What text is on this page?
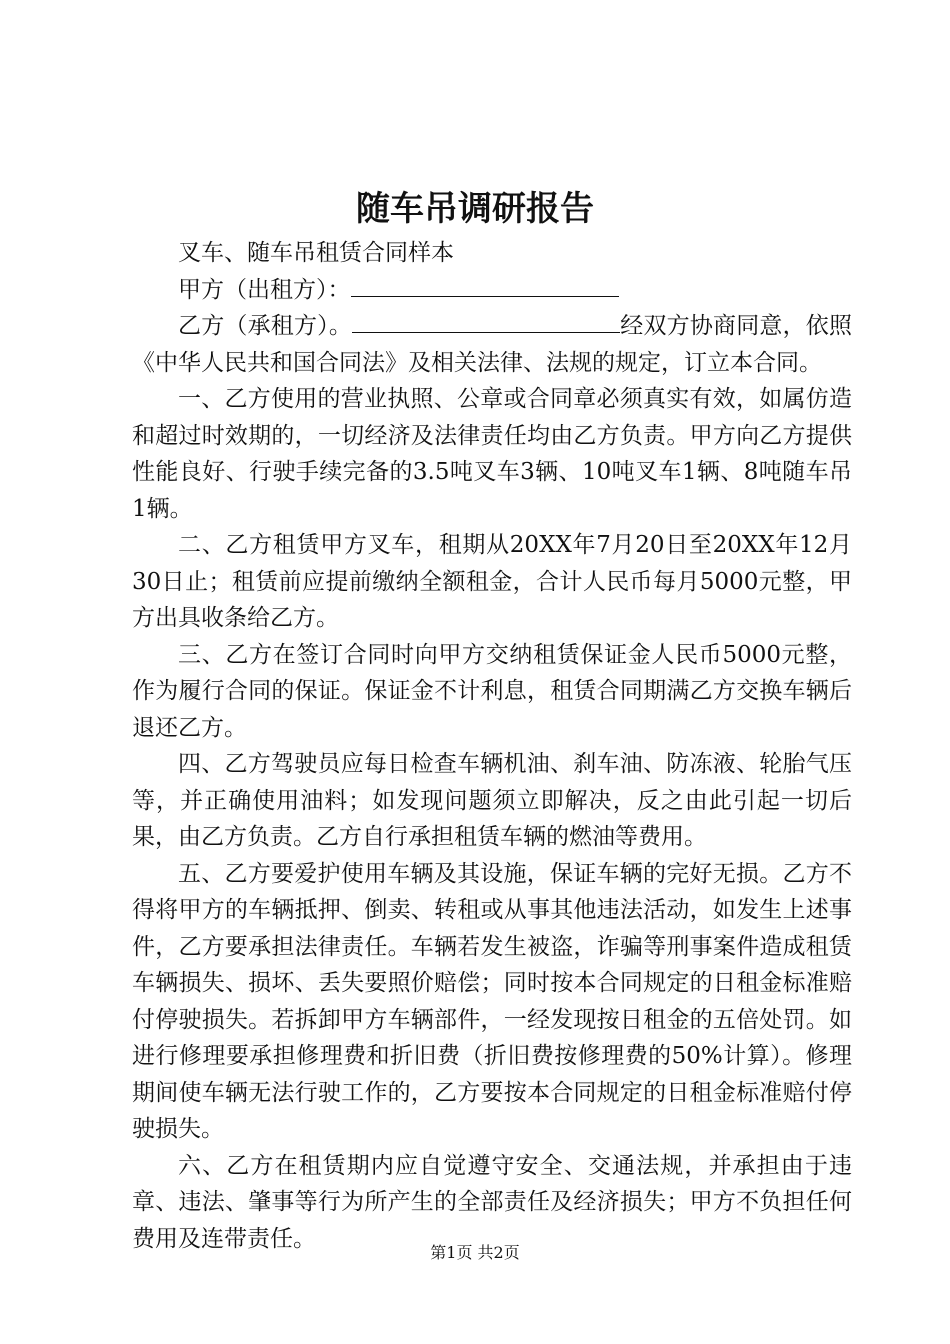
随车吊调研报告

叉车、随车吊租赁合同样本

甲方（出租方）：

乙方（承租方）。	经双方协商同意，依照《中华人民共和国合同法》及相关法律、法规的规定，订立本合同。

一、乙方使用的营业执照、公章或合同章必须真实有效，如属仿造和超过时效期的，一切经济及法律责任均由乙方负责。甲方向乙方提供性能良好、行驶手续完备的3.5吨叉车3辆、10吨叉车1辆、8吨随车吊1辆。

二、乙方租赁甲方叉车，租期从20XX年7月20日至20XX年12月30日止；租赁前应提前缴纳全额租金，合计人民币每月5000元整，甲方出具收条给乙方。

三、乙方在签订合同时向甲方交纳租赁保证金人民币5000元整，作为履行合同的保证。保证金不计利息，租赁合同期满乙方交换车辆后退还乙方。

四、乙方驾驶员应每日检查车辆机油、刹车油、防冻液、轮胎气压等，并正确使用油料；如发现问题须立即解决，反之由此引起一切后果，由乙方负责。乙方自行承担租赁车辆的燃油等费用。

五、乙方要爱护使用车辆及其设施，保证车辆的完好无损。乙方不得将甲方的车辆抵押、倒卖、转租或从事其他违法活动，如发生上述事件，乙方要承担法律责任。车辆若发生被盗，诈骗等刑事案件造成租赁车辆损失、损坏、丢失要照价赔偿；同时按本合同规定的日租金标准赔付停驶损失。若拆卸甲方车辆部件，一经发现按日租金的五倍处罚。如进行修理要承担修理费和折旧费（折旧费按修理费的50%计算）。修理期间使车辆无法行驶工作的，乙方要按本合同规定的日租金标准赔付停驶损失。

六、乙方在租赁期内应自觉遵守安全、交通法规，并承担由于违章、违法、肇事等行为所产生的全部责任及经济损失；甲方不负担任何费用及连带责任。

第1页 共2页
